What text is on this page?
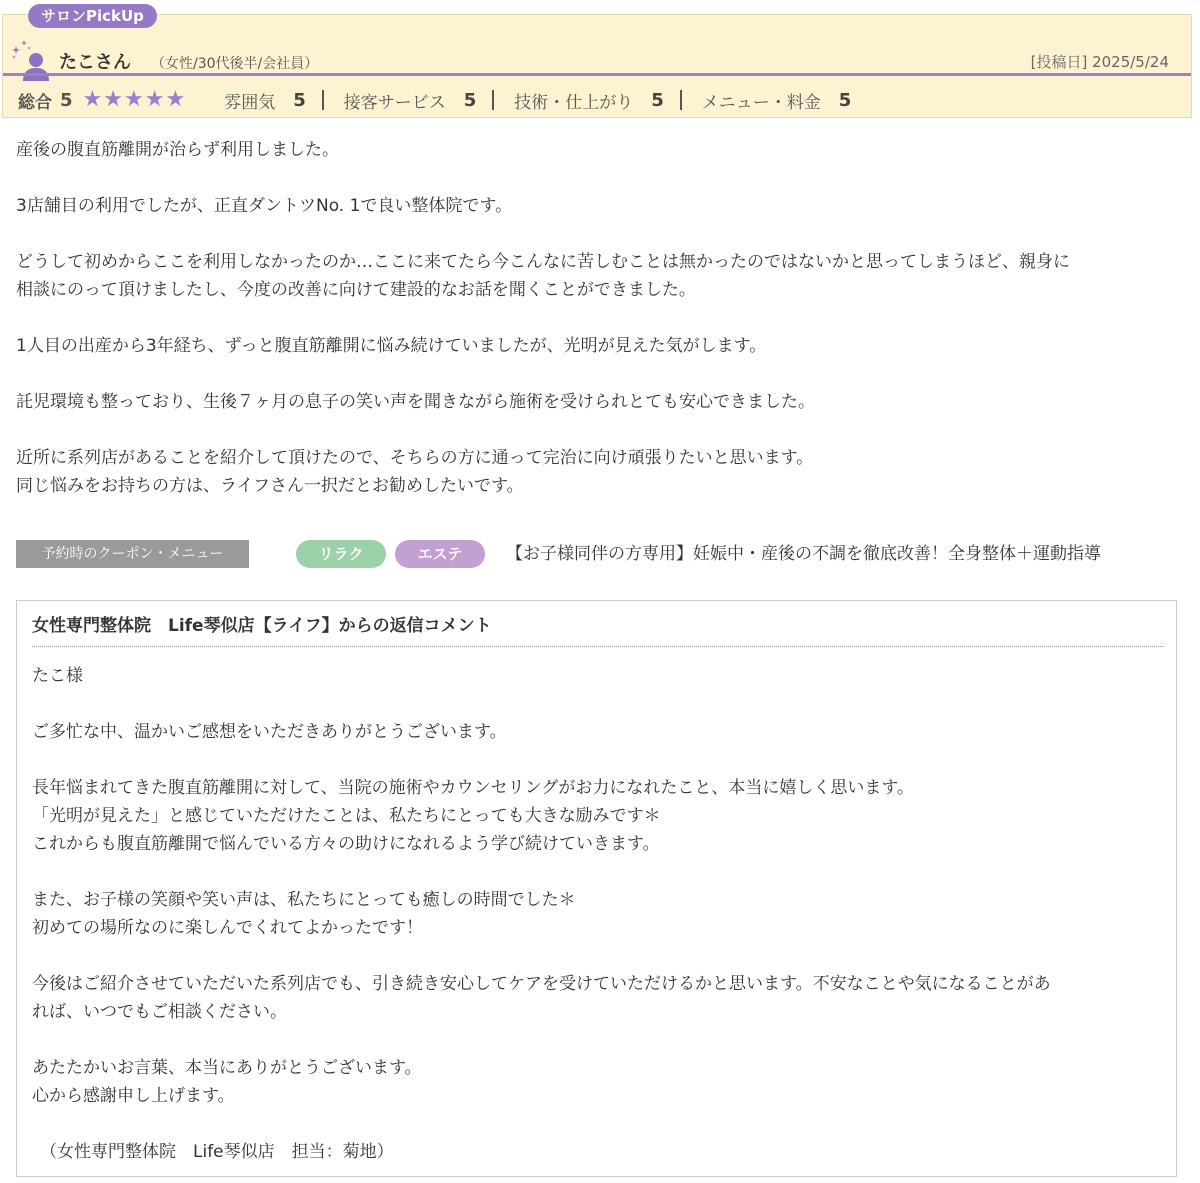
サロンPickUp
たこさん （女性/30代後半/会社員）	[投稿日] 2025/5/24
総合 5 ★ ★ ★ ★ ★ 雰囲気 5 接客サービス 5 技術・仕上がり 5 メニュー・料金 5

産後の腹直筋離開が治らず利用しました。

3店舗目の利用でしたが、正直ダントツNo. 1で良い整体院です。

どうして初めからここを利用しなかったのか…ここに来てたら今こんなに苦しむことは無かったのではないかと思ってしまうほど、親身に
相談にのって頂けましたし、今度の改善に向けて建設的なお話を聞くことができました。

1人目の出産から3年経ち、ずっと腹直筋離開に悩み続けていましたが、光明が見えた気がします。

託児環境も整っており、生後７ヶ月の息子の笑い声を聞きながら施術を受けられとても安心できました。

近所に系列店があることを紹介して頂けたので、そちらの方に通って完治に向け頑張りたいと思います。
同じ悩みをお持ちの方は、ライフさん一択だとお勧めしたいです。

予約時のクーポン・メニュー	リラク	エステ	【お子様同伴の方専用】妊娠中・産後の不調を徹底改善！全身整体＋運動指導
女性専門整体院　Life琴似店【ライフ】からの返信コメント

たこ様

ご多忙な中、温かいご感想をいただきありがとうございます。

長年悩まれてきた腹直筋離開に対して、当院の施術やカウンセリングがお力になれたこと、本当に嬉しく思います。
「光明が見えた」と感じていただけたことは、私たちにとっても大きな励みです＊
これからも腹直筋離開で悩んでいる方々の助けになれるよう学び続けていきます。

また、お子様の笑顔や笑い声は、私たちにとっても癒しの時間でした＊
初めての場所なのに楽しんでくれてよかったです！

今後はご紹介させていただいた系列店でも、引き続き安心してケアを受けていただけるかと思います。不安なことや気になることがあ
れば、いつでもご相談ください。

あたたかいお言葉、本当にありがとうございます。
心から感謝申し上げます。

（女性専門整体院　Life琴似店　担当：菊地）
